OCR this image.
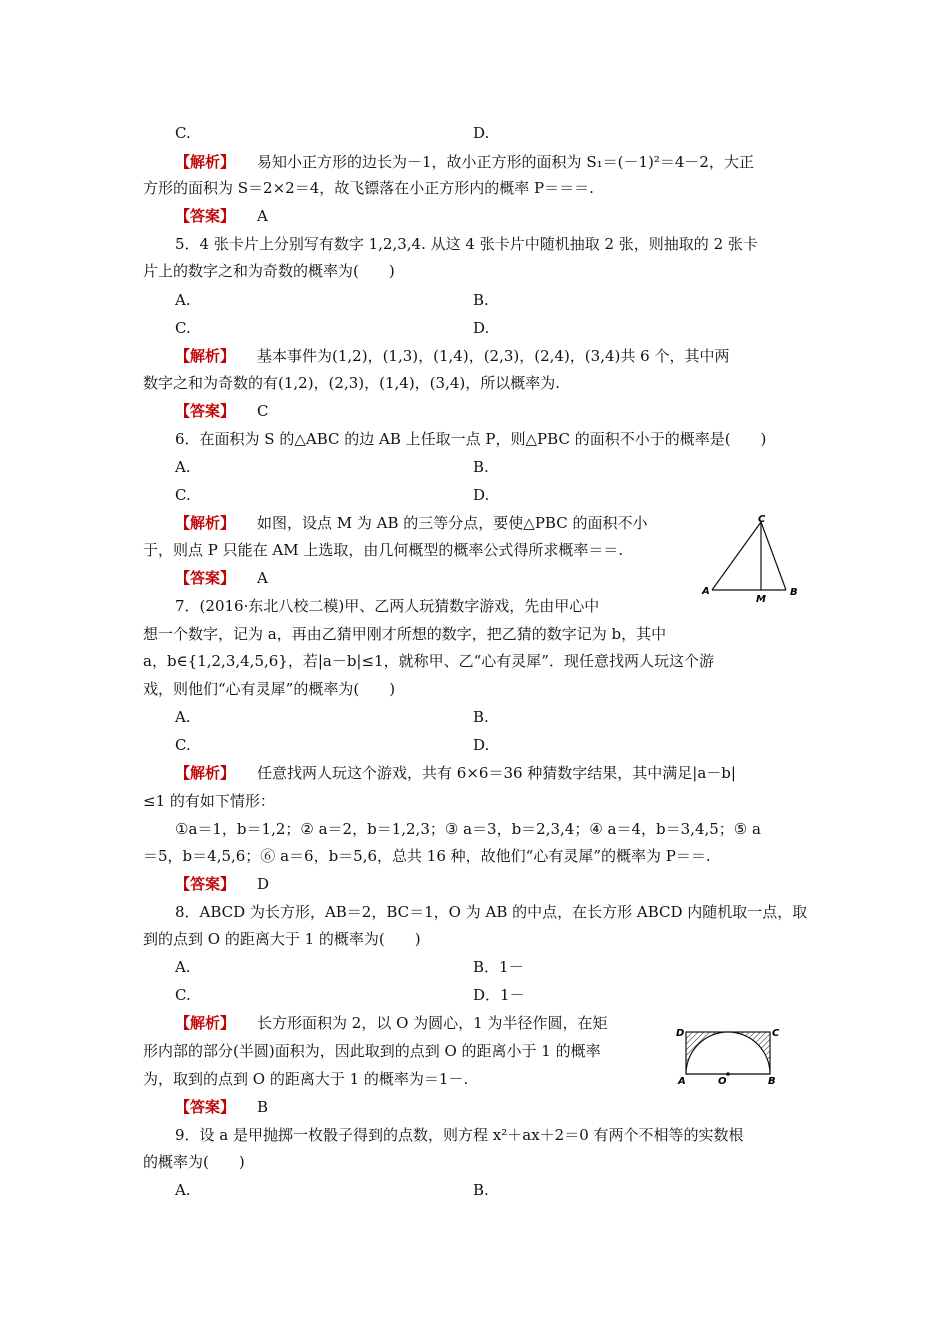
C.	D.
【解析】 易知小正方形的边长为－1，故小正方形的面积为 S₁＝(－1)²＝4－2，大正
方形的面积为 S＝2×2＝4，故飞镖落在小正方形内的概率 P＝＝＝.
【答案】 A
5．4 张卡片上分别写有数字 1,2,3,4. 从这 4 张卡片中随机抽取 2 张，则抽取的 2 张卡
片上的数字之和为奇数的概率为(　　)
A.	B.
C.	D.
【解析】 基本事件为(1,2)，(1,3)，(1,4)，(2,3)，(2,4)，(3,4)共 6 个，其中两
数字之和为奇数的有(1,2)，(2,3)，(1,4)，(3,4)，所以概率为.
【答案】 C
6．在面积为 S 的△ABC 的边 AB 上任取一点 P，则△PBC 的面积不小于的概率是(　　)
A.	B.
C.	D.
【解析】 如图，设点 M 为 AB 的三等分点，要使△PBC 的面积不小
于，则点 P 只能在 AM 上选取，由几何概型的概率公式得所求概率＝＝.
【答案】 A
C
A	B
M
7．(2016·东北八校二模)甲、乙两人玩猜数字游戏，先由甲心中
想一个数字，记为 a，再由乙猜甲刚才所想的数字，把乙猜的数字记为 b，其中
a，b∈{1,2,3,4,5,6}，若|a－b|≤1，就称甲、乙“心有灵犀”．现任意找两人玩这个游
戏，则他们“心有灵犀”的概率为(　　)
A.	B.
C.	D.
【解析】 任意找两人玩这个游戏，共有 6×6＝36 种猜数字结果，其中满足|a－b|
≤1 的有如下情形：
①a＝1，b＝1,2；② a＝2，b＝1,2,3；③ a＝3，b＝2,3,4；④ a＝4，b＝3,4,5；⑤ a
＝5，b＝4,5,6；⑥ a＝6，b＝5,6，总共 16 种，故他们“心有灵犀”的概率为 P＝＝.
【答案】 D
8．ABCD 为长方形，AB＝2，BC＝1，O 为 AB 的中点，在长方形 ABCD 内随机取一点，取
到的点到 O 的距离大于 1 的概率为(　　)
A.	B．1－
C.	D．1－
【解析】 长方形面积为 2，以 O 为圆心，1 为半径作圆，在矩
形内部的部分(半圆)面积为，因此取到的点到 O 的距离小于 1 的概率
为，取到的点到 O 的距离大于 1 的概率为＝1－.
【答案】 B
D	C
A	B
O
9．设 a 是甲抛掷一枚骰子得到的点数，则方程 x²＋ax＋2＝0 有两个不相等的实数根
的概率为(　　)
A.	B.
